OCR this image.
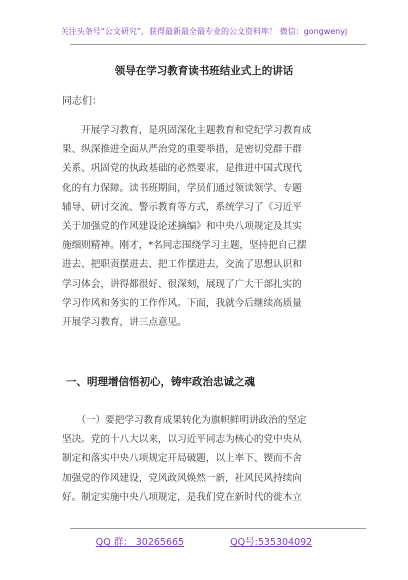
关注头条号“公文研究”，获得最新最全最专业的公文资料库！ 微信：gongwenyj
领导在学习教育读书班结业式上的讲话
同志们：
　　开展学习教育，是巩固深化主题教育和党纪学习教育成
果、纵深推进全面从严治党的重要举措，是密切党群干群
关系、巩固党的执政基础的必然要求，是推进中国式现代
化的有力保障。读书班期间，学员们通过领读领学、专题
辅导、研讨交流、警示教育等方式，系统学习了《习近平
关于加强党的作风建设论述摘编》和中央八项规定及其实
施细则精神。刚才，*名同志围绕学习主题，坚持把自己摆
进去、把职责摆进去、把工作摆进去，交流了思想认识和
学习体会，讲得都很好、很深刻，展现了广大干部扎实的
学习作风和务实的工作作风。下面，我就今后继续高质量
开展学习教育，讲三点意见。
一、明理增信悟初心，铸牢政治忠诚之魂
　　（一）要把学习教育成果转化为旗帜鲜明讲政治的坚定
坚决。党的十八大以来，以习近平同志为核心的党中央从
制定和落实中央八项规定开局破题，以上率下、锲而不舍
加强党的作风建设，党风政风焕然一新，社风民风持续向
好。制定实施中央八项规定，是我们党在新时代的徙木立
QQ 群： 30265665	QQ号:535304092
